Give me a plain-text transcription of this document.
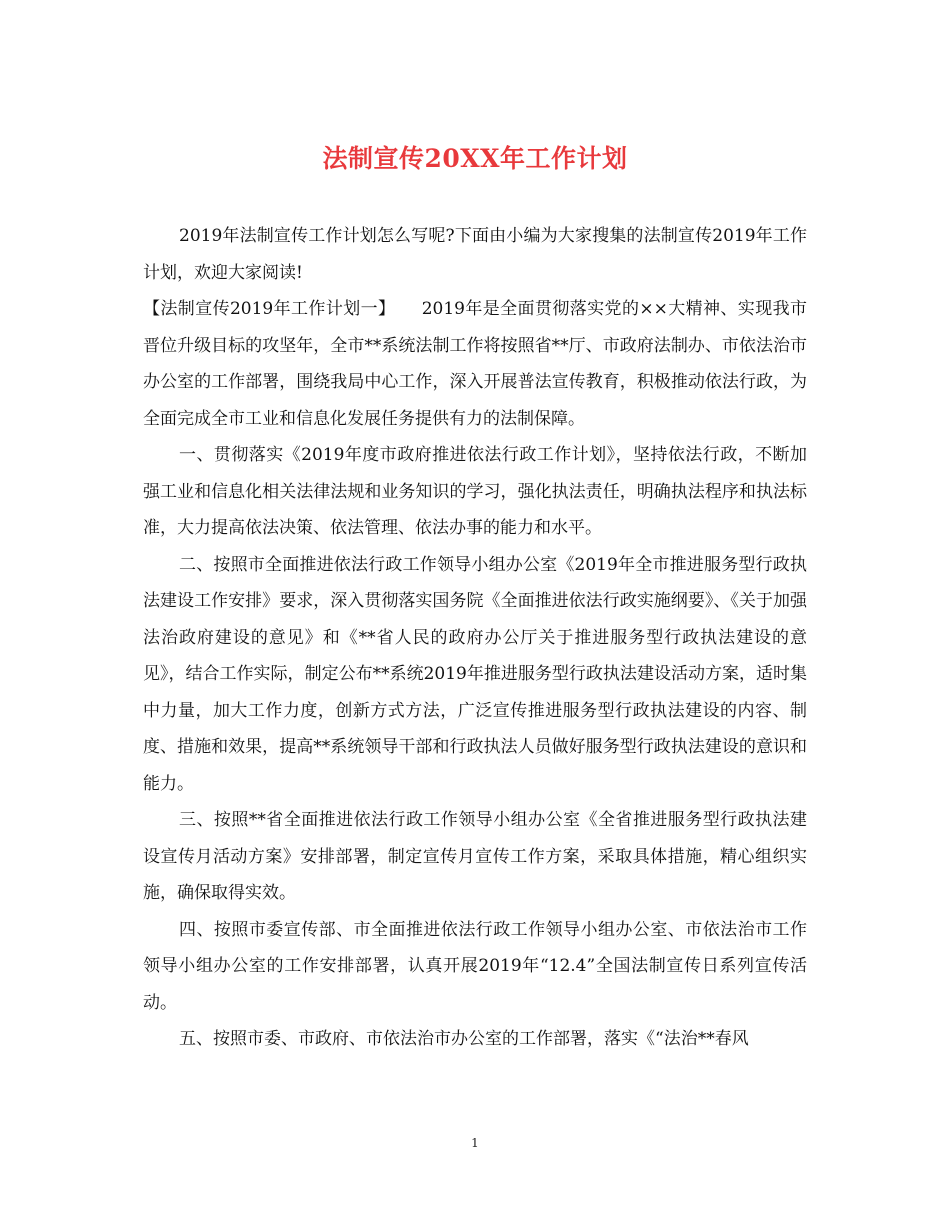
法制宣传20XX年工作计划

2019年法制宣传工作计划怎么写呢?下面由小编为大家搜集的法制宣传2019年工作计划，欢迎大家阅读!

【法制宣传2019年工作计划一】　　2019年是全面贯彻落实党的××大精神、实现我市晋位升级目标的攻坚年，全市**系统法制工作将按照省**厅、市政府法制办、市依法治市办公室的工作部署，围绕我局中心工作，深入开展普法宣传教育，积极推动依法行政，为全面完成全市工业和信息化发展任务提供有力的法制保障。

一、贯彻落实《2019年度市政府推进依法行政工作计划》，坚持依法行政，不断加强工业和信息化相关法律法规和业务知识的学习，强化执法责任，明确执法程序和执法标准，大力提高依法决策、依法管理、依法办事的能力和水平。

二、按照市全面推进依法行政工作领导小组办公室《2019年全市推进服务型行政执法建设工作安排》要求，深入贯彻落实国务院《全面推进依法行政实施纲要》、《关于加强法治政府建设的意见》和《**省人民的政府办公厅关于推进服务型行政执法建设的意见》，结合工作实际，制定公布**系统2019年推进服务型行政执法建设活动方案，适时集中力量，加大工作力度，创新方式方法，广泛宣传推进服务型行政执法建设的内容、制度、措施和效果，提高**系统领导干部和行政执法人员做好服务型行政执法建设的意识和能力。

三、按照**省全面推进依法行政工作领导小组办公室《全省推进服务型行政执法建设宣传月活动方案》安排部署，制定宣传月宣传工作方案，采取具体措施，精心组织实施，确保取得实效。

四、按照市委宣传部、市全面推进依法行政工作领导小组办公室、市依法治市工作领导小组办公室的工作安排部署，认真开展2019年“12.4”全国法制宣传日系列宣传活动。

五、按照市委、市政府、市依法治市办公室的工作部署，落实《“法治**春风

1
